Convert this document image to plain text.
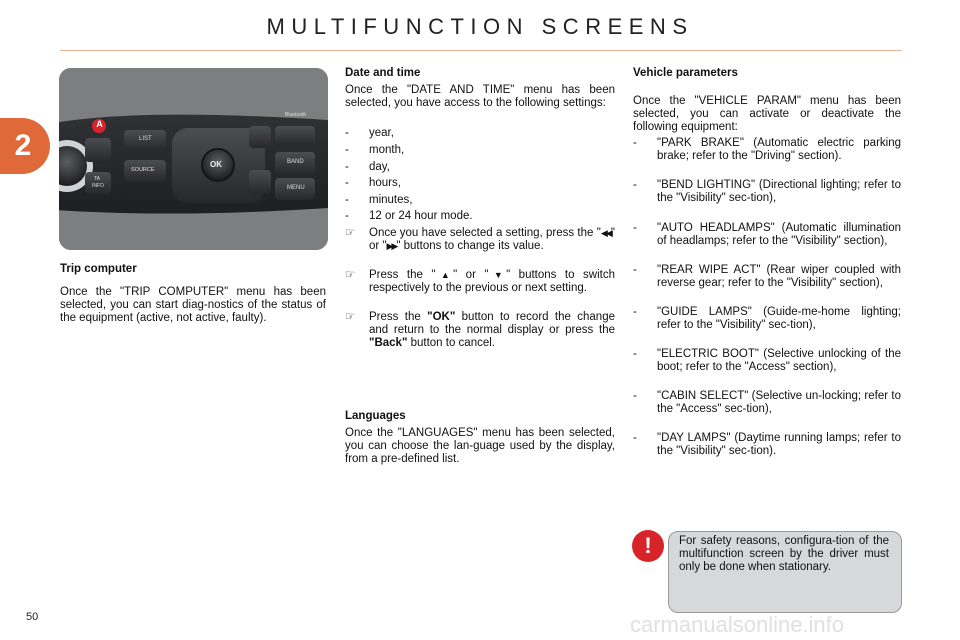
MULTIFUNCTION SCREENS
2
A
Bluetooth
LIST
OK	BAND
SOURCE
MENU
TA
INFO
Trip computer
Once the "TRIP COMPUTER" menu has been selected, you can start diag-nostics of the status of the equipment (active, not active, faulty).
Date and time
Once the "DATE AND TIME" menu has been selected, you have access to the following settings:
- year,
- month,
- day,
- hours,
- minutes,
- 12 or 24 hour mode.
☞ Once you have selected a setting, press the "◀◀" or "▶▶" buttons to change its value.
☞ Press the "▲" or "▼" buttons to switch respectively to the previous or next setting.
☞ Press the "OK" button to record the change and return to the normal display or press the "Back" button to cancel.
Languages
Once the "LANGUAGES" menu has been selected, you can choose the lan-guage used by the display, from a pre-defined list.
Vehicle parameters
Once the "VEHICLE PARAM" menu has been selected, you can activate or deactivate the following equipment:
- "PARK BRAKE" (Automatic electric parking brake; refer to the "Driving" section).
- "BEND LIGHTING" (Directional lighting; refer to the "Visibility" sec-tion),
- "AUTO HEADLAMPS" (Automatic illumination of headlamps; refer to the "Visibility" section),
- "REAR WIPE ACT" (Rear wiper coupled with reverse gear; refer to the "Visibility" section),
- "GUIDE LAMPS" (Guide-me-home lighting; refer to the "Visibility" sec-tion),
- "ELECTRIC BOOT" (Selective unlocking of the boot; refer to the "Access" section),
- "CABIN SELECT" (Selective un-locking; refer to the "Access" sec-tion),
- "DAY LAMPS" (Daytime running lamps; refer to the "Visibility" sec-tion).
!	For safety reasons, configura-tion of the multifunction screen by the driver must only be done when stationary.
50	carmanualsonline.info
